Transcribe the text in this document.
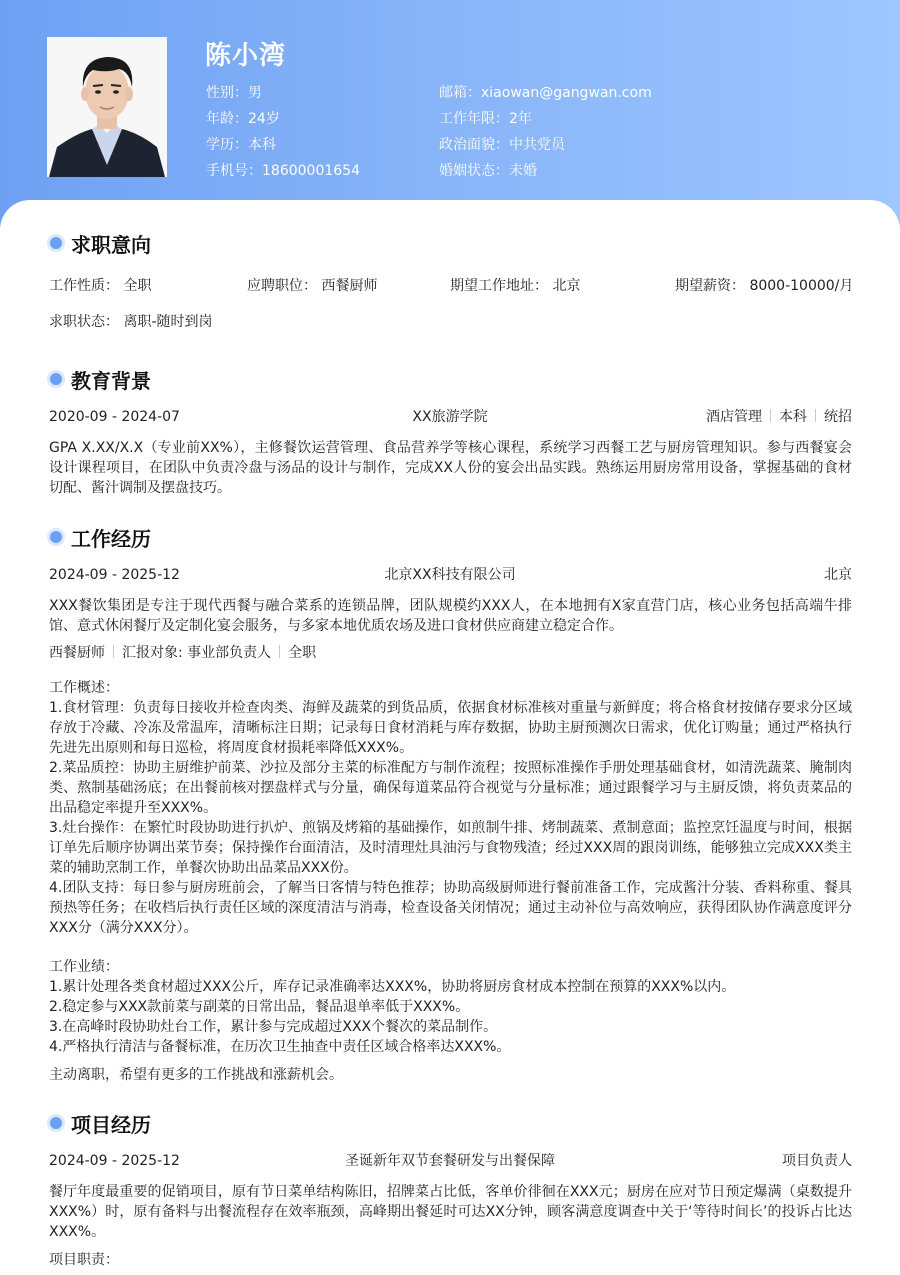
陈小湾
性别：男
年龄：24岁
学历：本科
手机号：18600001654
邮箱：xiaowan@gangwan.com
工作年限：2年
政治面貌：中共党员
婚姻状态：未婚
求职意向
工作性质： 全职	应聘职位： 西餐厨师	期望工作地址： 北京	期望薪资： 8000-10000/月
求职状态： 离职-随时到岗
教育背景
2020-09 - 2024-07	XX旅游学院	酒店管理 本科 统招
GPA X.XX/X.X（专业前XX%），主修餐饮运营管理、食品营养学等核心课程，系统学习西餐工艺与厨房管理知识。参与西餐宴会设计课程项目，在团队中负责冷盘与汤品的设计与制作，完成XX人份的宴会出品实践。熟练运用厨房常用设备，掌握基础的食材切配、酱汁调制及摆盘技巧。
工作经历
2024-09 - 2025-12	北京XX科技有限公司	北京
XXX餐饮集团是专注于现代西餐与融合菜系的连锁品牌，团队规模约XXX人，在本地拥有X家直营门店，核心业务包括高端牛排馆、意式休闲餐厅及定制化宴会服务，与多家本地优质农场及进口食材供应商建立稳定合作。
西餐厨师 汇报对象: 事业部负责人 全职
工作概述：
1.食材管理：负责每日接收并检查肉类、海鲜及蔬菜的到货品质，依据食材标准核对重量与新鲜度；将合格食材按储存要求分区域存放于冷藏、冷冻及常温库，清晰标注日期；记录每日食材消耗与库存数据，协助主厨预测次日需求，优化订购量；通过严格执行先进先出原则和每日巡检，将周度食材损耗率降低XXX%。
2.菜品质控：协助主厨维护前菜、沙拉及部分主菜的标准配方与制作流程；按照标准操作手册处理基础食材，如清洗蔬菜、腌制肉类、熬制基础汤底；在出餐前核对摆盘样式与分量，确保每道菜品符合视觉与分量标准；通过跟餐学习与主厨反馈，将负责菜品的出品稳定率提升至XXX%。
3.灶台操作：在繁忙时段协助进行扒炉、煎锅及烤箱的基础操作，如煎制牛排、烤制蔬菜、煮制意面；监控烹饪温度与时间，根据订单先后顺序协调出菜节奏；保持操作台面清洁，及时清理灶具油污与食物残渣；经过XXX周的跟岗训练，能够独立完成XXX类主菜的辅助烹制工作，单餐次协助出品菜品XXX份。
4.团队支持：每日参与厨房班前会，了解当日客情与特色推荐；协助高级厨师进行餐前准备工作，完成酱汁分装、香料称重、餐具预热等任务；在收档后执行责任区域的深度清洁与消毒，检查设备关闭情况；通过主动补位与高效响应，获得团队协作满意度评分XXX分（满分XXX分）。
工作业绩：
1.累计处理各类食材超过XXX公斤，库存记录准确率达XXX%，协助将厨房食材成本控制在预算的XXX%以内。
2.稳定参与XXX款前菜与副菜的日常出品，餐品退单率低于XXX%。
3.在高峰时段协助灶台工作，累计参与完成超过XXX个餐次的菜品制作。
4.严格执行清洁与备餐标准，在历次卫生抽查中责任区域合格率达XXX%。
主动离职，希望有更多的工作挑战和涨薪机会。
项目经历
2024-09 - 2025-12	圣诞新年双节套餐研发与出餐保障	项目负责人
餐厅年度最重要的促销项目，原有节日菜单结构陈旧，招牌菜占比低，客单价徘徊在XXX元；厨房在应对节日预定爆满（桌数提升XXX%）时，原有备料与出餐流程存在效率瓶颈，高峰期出餐延时可达XX分钟，顾客满意度调查中关于‘等待时间长’的投诉占比达XXX%。
项目职责：
